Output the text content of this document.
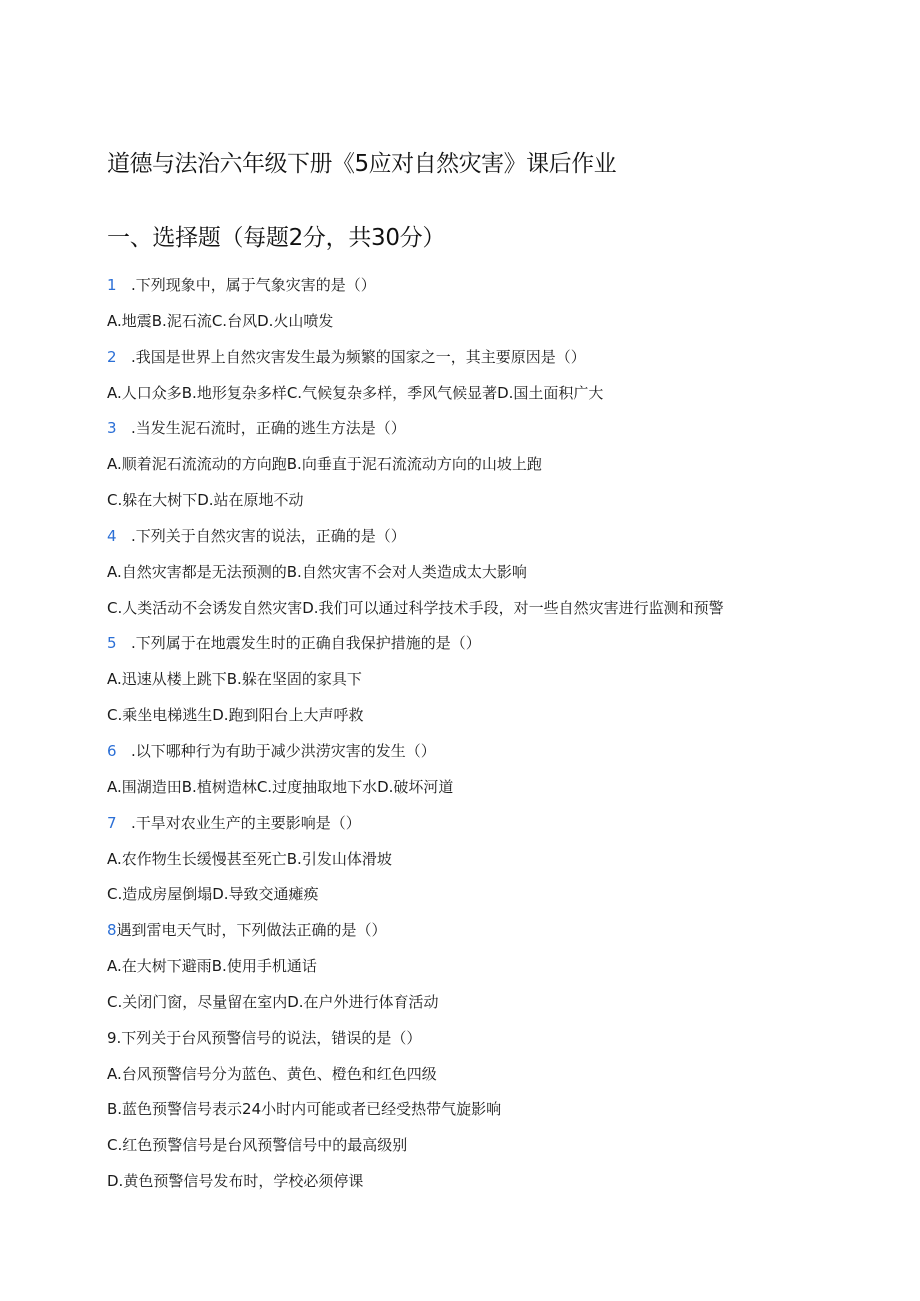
道德与法治六年级下册《5应对自然灾害》课后作业
一、选择题（每题2分，共30分）
1 .下列现象中，属于气象灾害的是（）
A.地震B.泥石流C.台风D.火山喷发
2 .我国是世界上自然灾害发生最为频繁的国家之一，其主要原因是（）
A.人口众多B.地形复杂多样C.气候复杂多样，季风气候显著D.国土面积广大
3 .当发生泥石流时，正确的逃生方法是（）
A.顺着泥石流流动的方向跑B.向垂直于泥石流流动方向的山坡上跑
C.躲在大树下D.站在原地不动
4 .下列关于自然灾害的说法，正确的是（）
A.自然灾害都是无法预测的B.自然灾害不会对人类造成太大影响
C.人类活动不会诱发自然灾害D.我们可以通过科学技术手段，对一些自然灾害进行监测和预警
5 .下列属于在地震发生时的正确自我保护措施的是（）
A.迅速从楼上跳下B.躲在坚固的家具下
C.乘坐电梯逃生D.跑到阳台上大声呼救
6 .以下哪种行为有助于减少洪涝灾害的发生（）
A.围湖造田B.植树造林C.过度抽取地下水D.破坏河道
7 .干旱对农业生产的主要影响是（）
A.农作物生长缓慢甚至死亡B.引发山体滑坡
C.造成房屋倒塌D.导致交通瘫痪
8遇到雷电天气时，下列做法正确的是（）
A.在大树下避雨B.使用手机通话
C.关闭门窗，尽量留在室内D.在户外进行体育活动
9.下列关于台风预警信号的说法，错误的是（）
A.台风预警信号分为蓝色、黄色、橙色和红色四级
B.蓝色预警信号表示24小时内可能或者已经受热带气旋影响
C.红色预警信号是台风预警信号中的最高级别
D.黄色预警信号发布时，学校必须停课
